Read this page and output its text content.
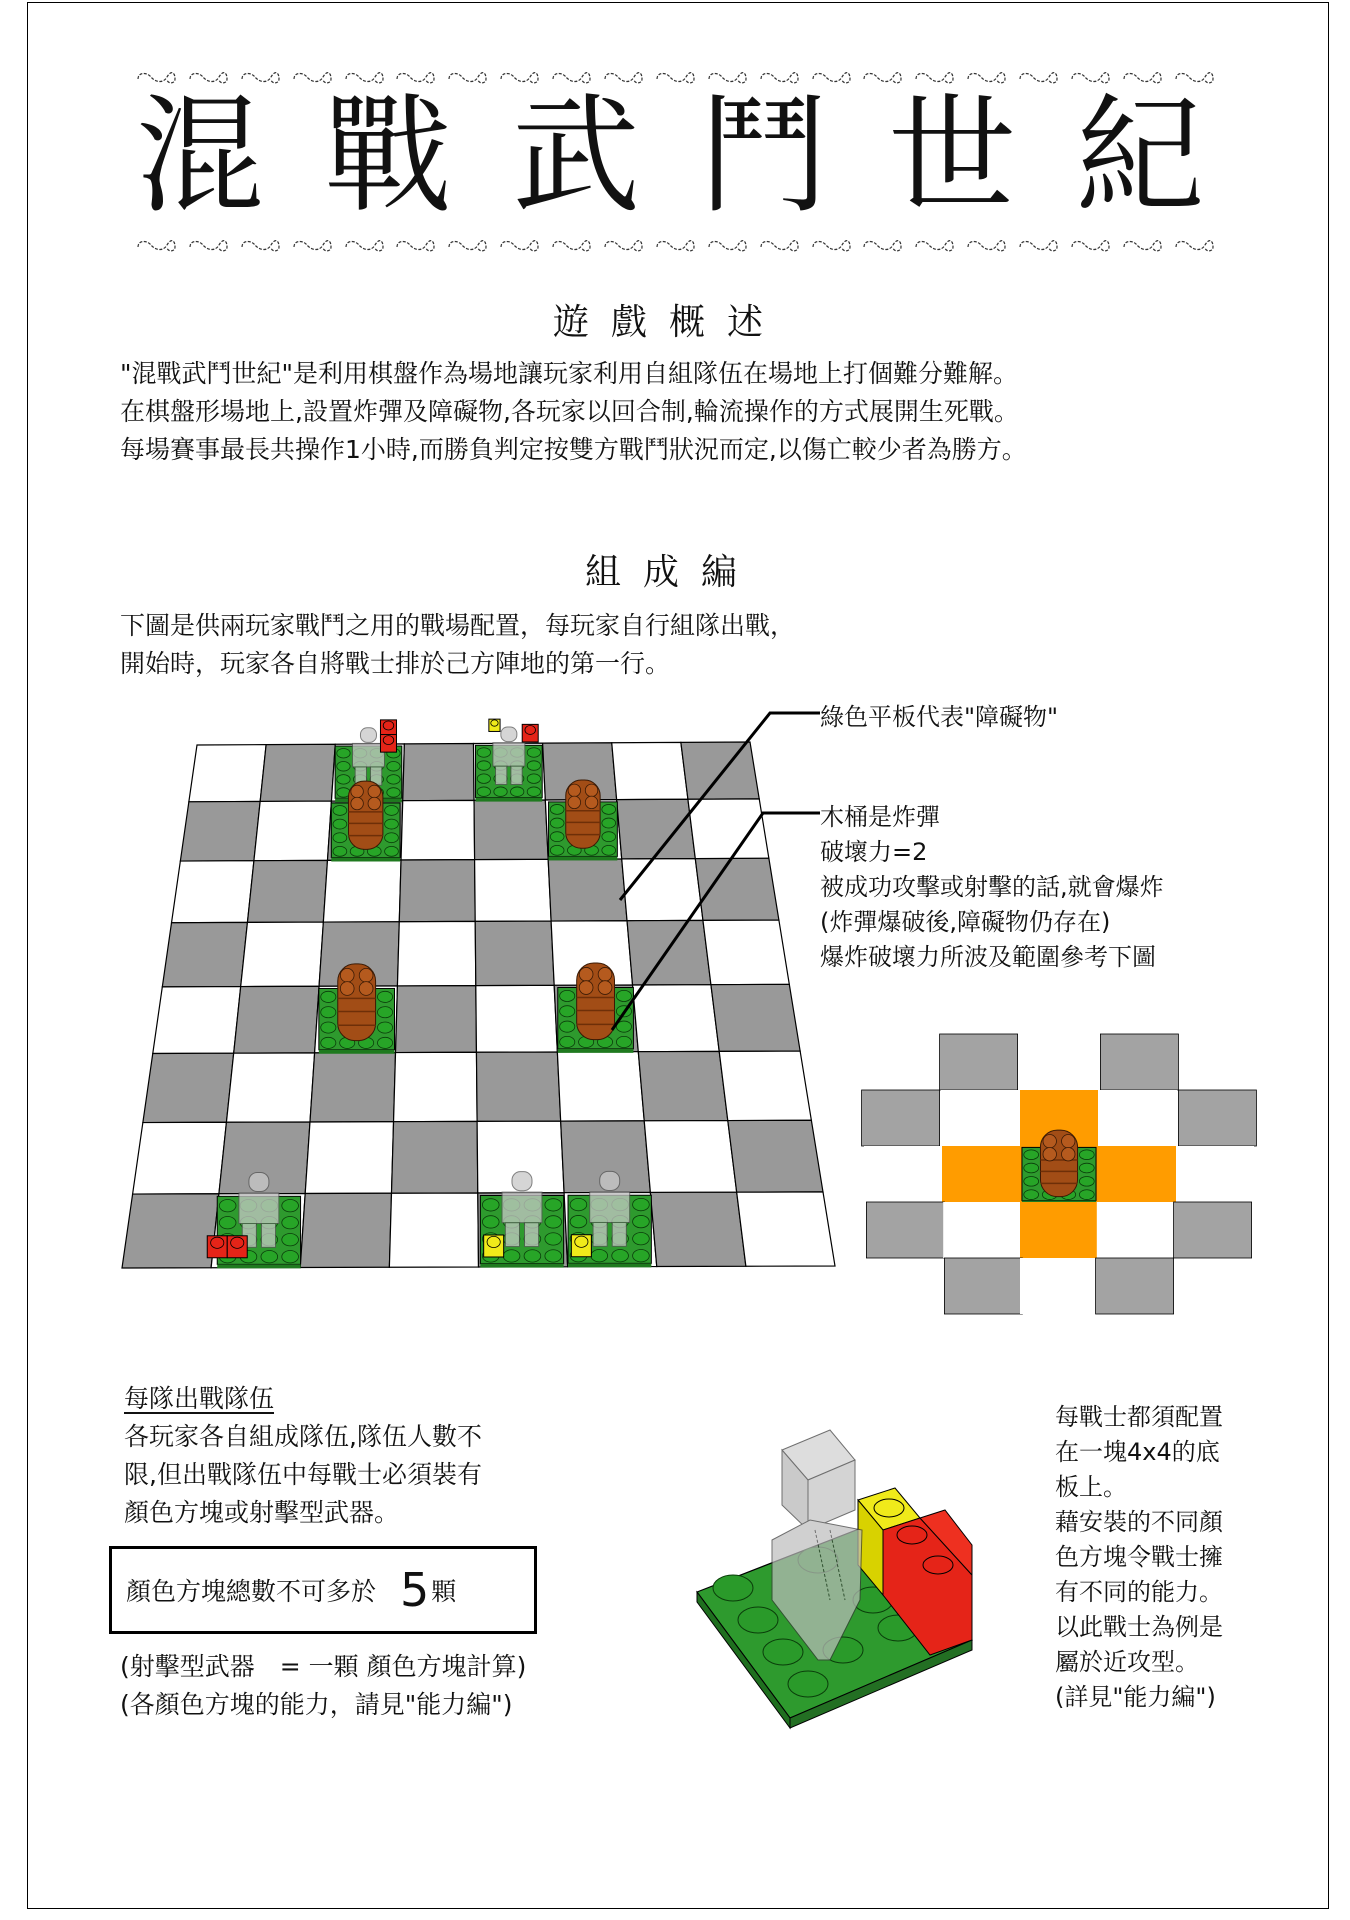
混 戰 武 鬥 世 紀
遊戲概述
"混戰武鬥世紀"是利用棋盤作為場地讓玩家利用自組隊伍在場地上打個難分難解。
在棋盤形場地上,設置炸彈及障礙物,各玩家以回合制,輪流操作的方式展開生死戰。
每場賽事最長共操作1小時,而勝負判定按雙方戰鬥狀況而定,以傷亡較少者為勝方。
組成編
下圖是供兩玩家戰鬥之用的戰場配置，每玩家自行組隊出戰，
開始時，玩家各自將戰士排於己方陣地的第一行。
綠色平板代表"障礙物"
木桶是炸彈
破壞力=2
被成功攻擊或射擊的話,就會爆炸
(炸彈爆破後,障礙物仍存在)
爆炸破壞力所波及範圍參考下圖
每隊出戰隊伍
各玩家各自組成隊伍,隊伍人數不
限,但出戰隊伍中每戰士必須裝有
顏色方塊或射擊型武器。
顏色方塊總數不可多於 5 顆
(射擊型武器　= 一顆 顏色方塊計算)
(各顏色方塊的能力，請見"能力編")
每戰士都須配置
在一塊4x4的底
板上。
藉安裝的不同顏
色方塊令戰士擁
有不同的能力。
以此戰士為例是
屬於近攻型。
(詳見"能力編")
